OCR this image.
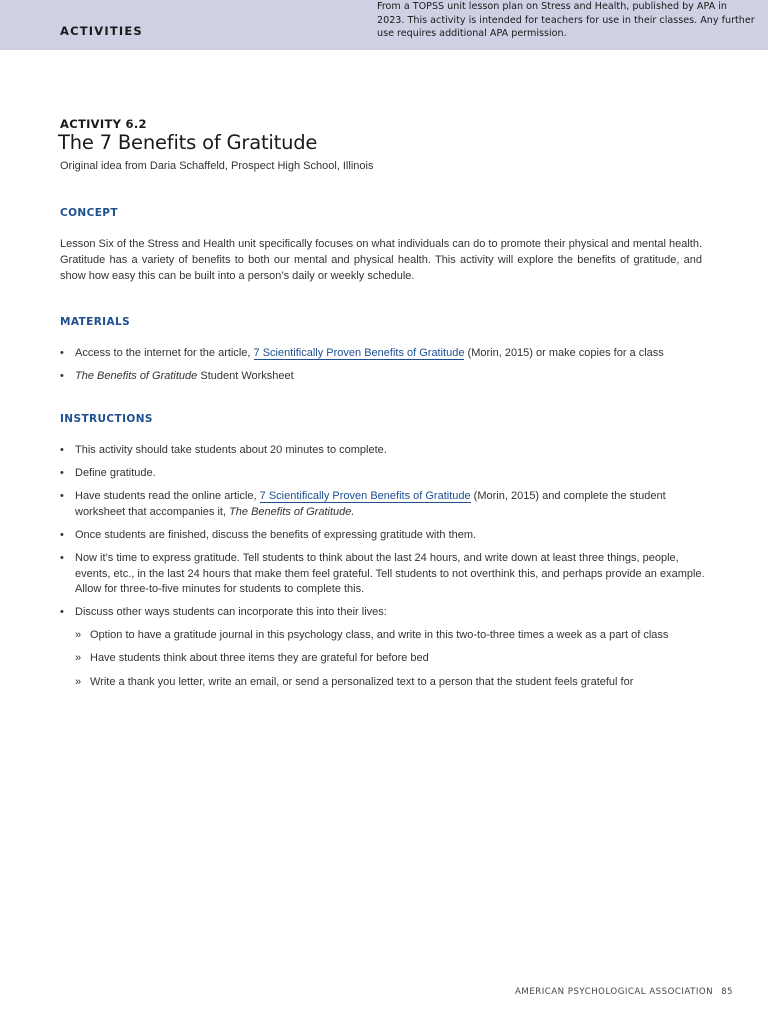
ACTIVITIES
From a TOPSS unit lesson plan on Stress and Health, published by APA in 2023. This activity is intended for teachers for use in their classes. Any further use requires additional APA permission.
ACTIVITY 6.2
The 7 Benefits of Gratitude
Original idea from Daria Schaffeld, Prospect High School, Illinois
CONCEPT
Lesson Six of the Stress and Health unit specifically focuses on what individuals can do to promote their physical and mental health. Gratitude has a variety of benefits to both our mental and physical health. This activity will explore the benefits of gratitude, and show how easy this can be built into a person’s daily or weekly schedule.
MATERIALS
• Access to the internet for the article, 7 Scientifically Proven Benefits of Gratitude (Morin, 2015) or make copies for a class
• The Benefits of Gratitude Student Worksheet
INSTRUCTIONS
• This activity should take students about 20 minutes to complete.
• Define gratitude.
• Have students read the online article, 7 Scientifically Proven Benefits of Gratitude (Morin, 2015) and complete the student worksheet that accompanies it, The Benefits of Gratitude.
• Once students are finished, discuss the benefits of expressing gratitude with them.
• Now it’s time to express gratitude. Tell students to think about the last 24 hours, and write down at least three things, people, events, etc., in the last 24 hours that make them feel grateful. Tell students to not overthink this, and perhaps provide an example. Allow for three-to-five minutes for students to complete this.
• Discuss other ways students can incorporate this into their lives:
» Option to have a gratitude journal in this psychology class, and write in this two-to-three times a week as a part of class
» Have students think about three items they are grateful for before bed
» Write a thank you letter, write an email, or send a personalized text to a person that the student feels grateful for
AMERICAN PSYCHOLOGICAL ASSOCIATION 85
